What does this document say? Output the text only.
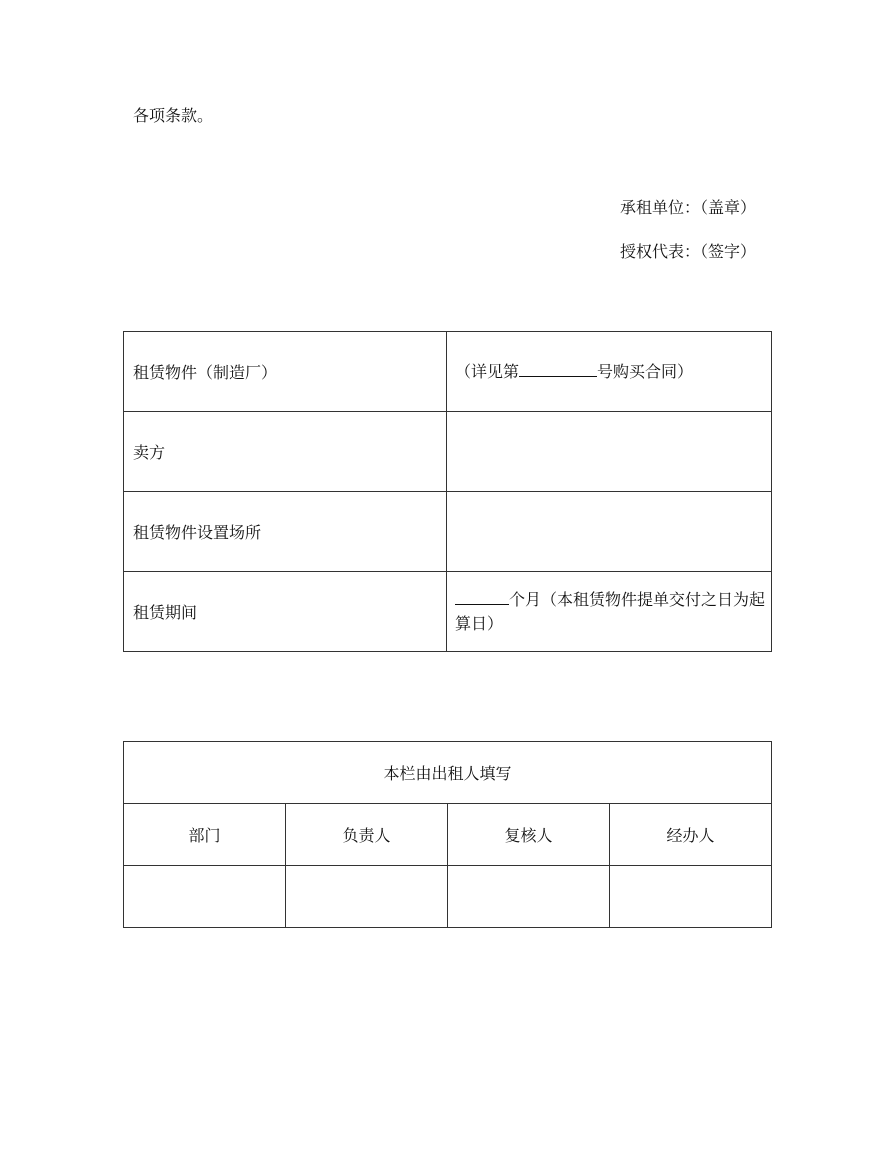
各项条款。
承租单位：（盖章）
授权代表：（签字）
租赁物件（制造厂）	（详见第 号购买合同）
卖方	
租赁物件设置场所	
租赁期间	个月（本租赁物件提单交付之日为起算日）
本栏由出租人填写			
部门	负责人	复核人	经办人
